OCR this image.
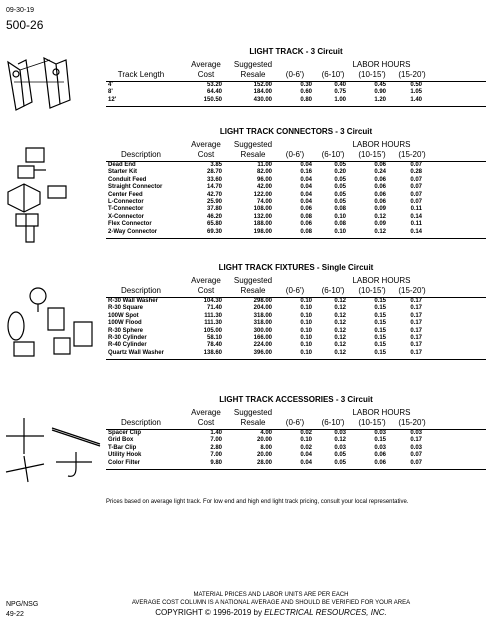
09-30-19
500-26
LIGHT TRACK - 3 Circuit
Track Length
Average
Cost
Suggested
Resale
LABOR HOURS
(0-6')	(6-10')	(10-15')	(15-20')
4'	53.20	152.00	0.30	0.40	0.45	0.50
8'	64.40	184.00	0.60	0.75	0.90	1.05
12'	150.50	430.00	0.80	1.00	1.20	1.40
LIGHT TRACK CONNECTORS - 3 Circuit
Description
Average
Cost
Suggested
Resale
LABOR HOURS
(0-6')	(6-10')	(10-15')	(15-20')
Dead End	3.85	11.00	0.04	0.05	0.06	0.07
Starter Kit	28.70	82.00	0.16	0.20	0.24	0.28
Conduit Feed	33.60	96.00	0.04	0.05	0.06	0.07
Straight Connector	14.70	42.00	0.04	0.05	0.06	0.07
Center Feed	42.70	122.00	0.04	0.05	0.06	0.07
L-Connector	25.90	74.00	0.04	0.05	0.06	0.07
T-Connector	37.80	108.00	0.06	0.08	0.09	0.11
X-Connector	46.20	132.00	0.08	0.10	0.12	0.14
Flex Connector	65.80	188.00	0.06	0.08	0.09	0.11
2-Way Connector	69.30	198.00	0.08	0.10	0.12	0.14
LIGHT TRACK FIXTURES - Single Circuit
Description
Average
Cost
Suggested
Resale
LABOR HOURS
(0-6')	(6-10')	(10-15')	(15-20')
R-30 Wall Washer	104.30	298.00	0.10	0.12	0.15	0.17
R-30 Square	71.40	204.00	0.10	0.12	0.15	0.17
100W Spot	111.30	318.00	0.10	0.12	0.15	0.17
100W Flood	111.30	318.00	0.10	0.12	0.15	0.17
R-30 Sphere	105.00	300.00	0.10	0.12	0.15	0.17
R-30 Cylinder	58.10	166.00	0.10	0.12	0.15	0.17
R-40 Cylinder	78.40	224.00	0.10	0.12	0.15	0.17
Quartz Wall Washer	138.60	396.00	0.10	0.12	0.15	0.17
LIGHT TRACK ACCESSORIES - 3 Circuit
Description
Average
Cost
Suggested
Resale
LABOR HOURS
(0-6')	(6-10')	(10-15')	(15-20')
Spacer Clip	1.40	4.00	0.02	0.03	0.03	0.03
Grid Box	7.00	20.00	0.10	0.12	0.15	0.17
T-Bar Clip	2.80	8.00	0.02	0.03	0.03	0.03
Utility Hook	7.00	20.00	0.04	0.05	0.06	0.07
Color Filter	9.80	28.00	0.04	0.05	0.06	0.07
Prices based on average light track. For low end and high end light track pricing, consult your local representative.
NPG/NSG
49-22
MATERIAL PRICES AND LABOR UNITS ARE PER EACH
AVERAGE COST COLUMN IS A NATIONAL AVERAGE AND SHOULD BE VERIFIED FOR YOUR AREA
COPYRIGHT © 1996-2019 by ELECTRICAL RESOURCES, INC.
